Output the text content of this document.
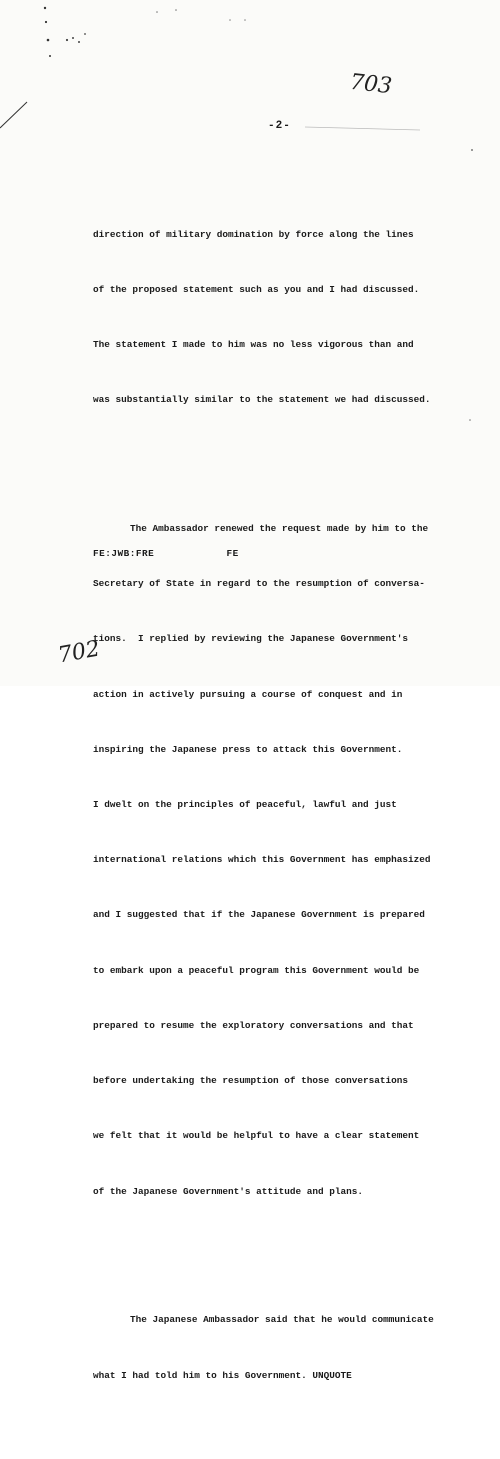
703
-2-

direction of military domination by force along the lines

of the proposed statement such as you and I had discussed.

The statement I made to him was no less vigorous than and

was substantially similar to the statement we had discussed.

The Ambassador renewed the request made by him to the

Secretary of State in regard to the resumption of conversa-

tions.  I replied by reviewing the Japanese Government's

action in actively pursuing a course of conquest and in

inspiring the Japanese press to attack this Government.

I dwelt on the principles of peaceful, lawful and just

international relations which this Government has emphasized

and I suggested that if the Japanese Government is prepared

to embark upon a peaceful program this Government would be

prepared to resume the exploratory conversations and that

before undertaking the resumption of those conversations

we felt that it would be helpful to have a clear statement

of the Japanese Government's attitude and plans.

The Japanese Ambassador said that he would communicate

what I had told him to his Government. UNQUOTE

FE:JWB:FRE	FE
702
